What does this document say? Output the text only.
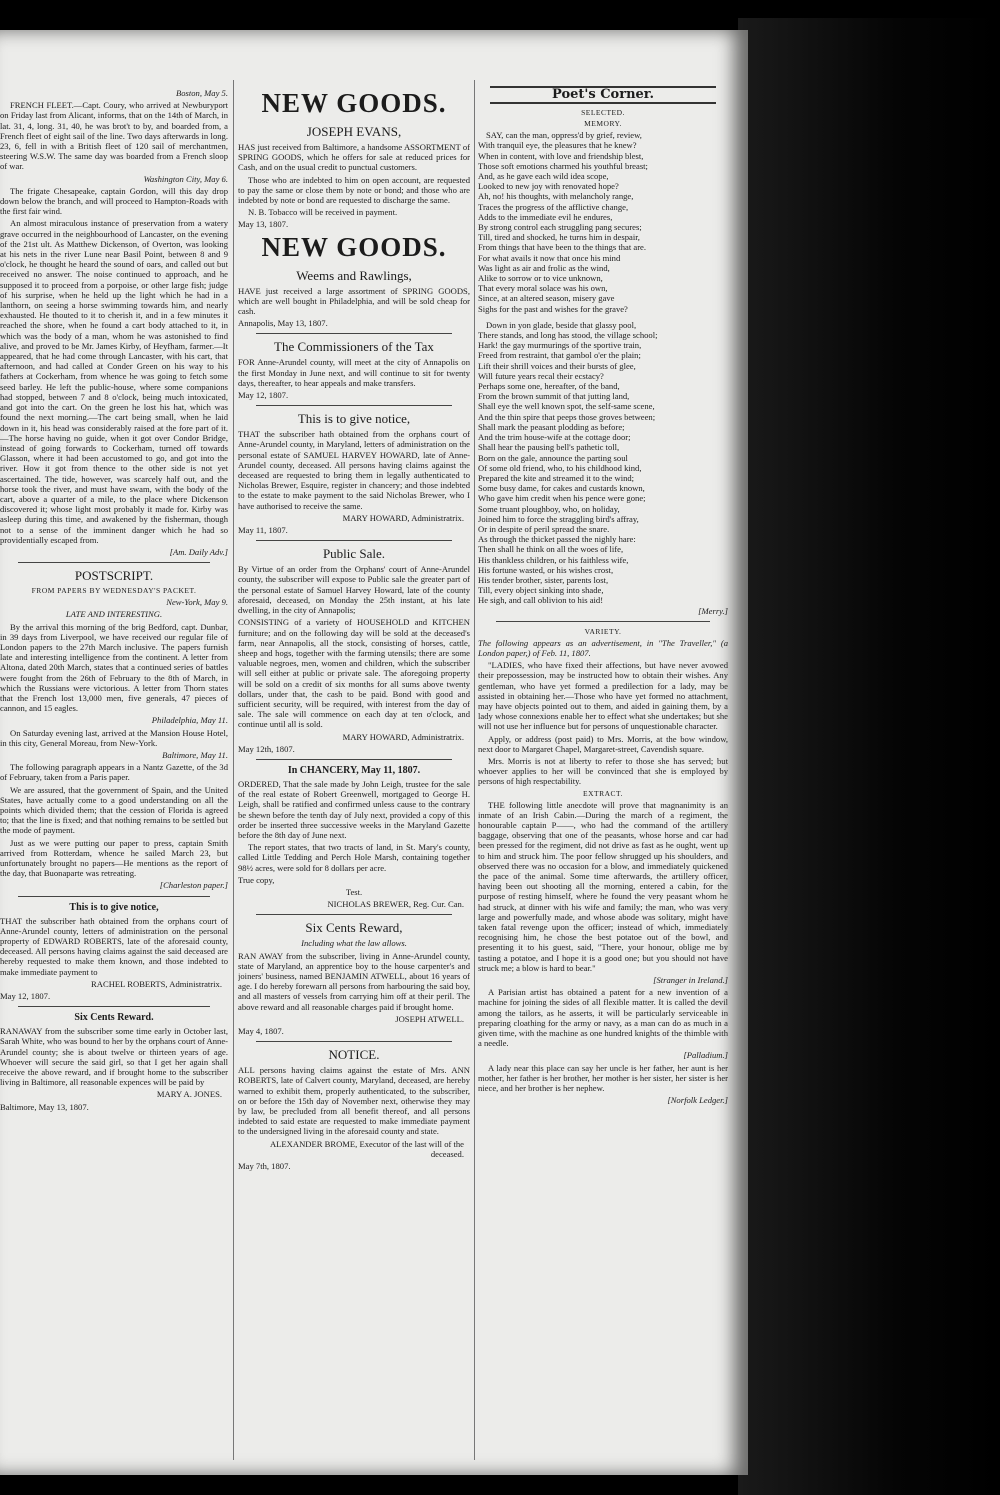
Boston, May 5.

FRENCH FLEET.—Capt. Coury, who arrived at Newburyport on Friday last from Alicant, informs, that on the 14th of March, in lat. 31, 4, long. 31, 40, he was brot't to by, and boarded from, a French fleet of eight sail of the line. Two days afterwards in long. 23, 6, fell in with a British fleet of 120 sail of merchantmen, steering W.S.W. The same day was boarded from a French sloop of war.

Washington City, May 6.

The frigate Chesapeake, captain Gordon, will this day drop down below the branch, and will proceed to Hampton-Roads with the first fair wind.

An almost miraculous instance of preservation from a watery grave occurred in the neighbourhood of Lancaster, on the evening of the 21st ult. As Matthew Dickenson, of Overton, was looking at his nets in the river Lune near Basil Point, between 8 and 9 o'clock, he thought he heard the sound of oars, and called out but received no answer. The noise continued to approach, and he supposed it to proceed from a porpoise, or other large fish; judge of his surprise, when he held up the light which he had in a lanthorn, on seeing a horse swimming towards him, and nearly exhausted. He thouted to it to cherish it, and in a few minutes it reached the shore, when he found a cart body attached to it, in which was the body of a man, whom he was astonished to find alive, and proved to be Mr. James Kirby, of Heyfham, farmer.—It appeared, that he had come through Lancaster, with his cart, that afternoon, and had called at Conder Green on his way to his fathers at Cockerham, from whence he was going to fetch some seed barley. He left the public-house, where some companions had stopped, between 7 and 8 o'clock, being much intoxicated, and got into the cart. On the green he lost his hat, which was found the next morning.—The cart being small, when he laid down in it, his head was considerably raised at the fore part of it.—The horse having no guide, when it got over Condor Bridge, instead of going forwards to Cockerham, turned off towards Glasson, where it had been accustomed to go, and got into the river. How it got from thence to the other side is not yet ascertained. The tide, however, was scarcely half out, and the horse took the river, and must have swam, with the body of the cart, above a quarter of a mile, to the place where Dickenson discovered it; whose light most probably it made for. Kirby was asleep during this time, and awakened by the fisherman, though not to a sense of the imminent danger which he had so providentially escaped from.

[Am. Daily Adv.]

POSTSCRIPT.
FROM PAPERS BY WEDNESDAY'S PACKET.

New-York, May 9.

LATE AND INTERESTING.

By the arrival this morning of the brig Bedford, capt. Dunbar, in 39 days from Liverpool, we have received our regular file of London papers to the 27th March inclusive. The papers furnish late and interesting intelligence from the continent. A letter from Altona, dated 20th March, states that a continued series of battles were fought from the 26th of February to the 8th of March, in which the Russians were victorious. A letter from Thorn states that the French lost 13,000 men, five generals, 47 pieces of cannon, and 15 eagles.

Philadelphia, May 11.

On Saturday evening last, arrived at the Mansion House Hotel, in this city, General Moreau, from New-York.

Baltimore, May 11.

The following paragraph appears in a Nantz Gazette, of the 3d of February, taken from a Paris paper.

We are assured, that the government of Spain, and the United States, have actually come to a good understanding on all the points which divided them; that the cession of Florida is agreed to; that the line is fixed; and that nothing remains to be settled but the mode of payment.

Just as we were putting our paper to press, captain Smith arrived from Rotterdam, whence he sailed March 23, but unfortunately brought no papers—He mentions as the report of the day, that Buonaparte was retreating.

[Charleston paper.]

This is to give notice,

THAT the subscriber hath obtained from the orphans court of Anne-Arundel county, letters of administration on the personal property of EDWARD ROBERTS, late of the aforesaid county, deceased. All persons having claims against the said deceased are hereby requested to make them known, and those indebted to make immediate payment to

RACHEL ROBERTS, Administratrix.

May 12, 1807.

Six Cents Reward.

RANAWAY from the subscriber some time early in October last, Sarah White, who was bound to her by the orphans court of Anne-Arundel county; she is about twelve or thirteen years of age. Whoever will secure the said girl, so that I get her again shall receive the above reward, and if brought home to the subscriber living in Baltimore, all reasonable expences will be paid by

MARY A. JONES.

Baltimore, May 13, 1807.

NEW GOODS.
JOSEPH EVANS,

HAS just received from Baltimore, a handsome ASSORTMENT of SPRING GOODS, which he offers for sale at reduced prices for Cash, and on the usual credit to punctual customers.

Those who are indebted to him on open account, are requested to pay the same or close them by note or bond; and those who are indebted by note or bond are requested to discharge the same.

N. B. Tobacco will be received in payment.

May 13, 1807.

NEW GOODS.
Weems and Rawlings,

HAVE just received a large assortment of SPRING GOODS, which are well bought in Philadelphia, and will be sold cheap for cash.

Annapolis, May 13, 1807.

The Commissioners of the Tax

FOR Anne-Arundel county, will meet at the city of Annapolis on the first Monday in June next, and will continue to sit for twenty days, thereafter, to hear appeals and make transfers.

May 12, 1807.

This is to give notice,

THAT the subscriber hath obtained from the orphans court of Anne-Arundel county, in Maryland, letters of administration on the personal estate of SAMUEL HARVEY HOWARD, late of Anne-Arundel county, deceased. All persons having claims against the deceased are requested to bring them in legally authenticated to Nicholas Brewer, Esquire, register in chancery; and those indebted to the estate to make payment to the said Nicholas Brewer, who I have authorised to receive the same.

MARY HOWARD, Administratrix.

May 11, 1807.

Public Sale.

By Virtue of an order from the Orphans' court of Anne-Arundel county, the subscriber will expose to Public sale the greater part of the personal estate of Samuel Harvey Howard, late of the county aforesaid, deceased, on Monday the 25th instant, at his late dwelling, in the city of Annapolis;

CONSISTING of a variety of HOUSEHOLD and KITCHEN furniture; and on the following day will be sold at the deceased's farm, near Annapolis, all the stock, consisting of horses, cattle, sheep and hogs, together with the farming utensils; there are some valuable negroes, men, women and children, which the subscriber will sell either at public or private sale. The aforegoing property will be sold on a credit of six months for all sums above twenty dollars, under that, the cash to be paid. Bond with good and sufficient security, will be required, with interest from the day of sale. The sale will commence on each day at ten o'clock, and continue until all is sold.

MARY HOWARD, Administratrix.

May 12th, 1807.

In CHANCERY, May 11, 1807.

ORDERED, That the sale made by John Leigh, trustee for the sale of the real estate of Robert Greenwell, mortgaged to George H. Leigh, shall be ratified and confirmed unless cause to the contrary be shewn before the tenth day of July next, provided a copy of this order be inserted three successive weeks in the Maryland Gazette before the 8th day of June next.

The report states, that two tracts of land, in St. Mary's county, called Little Tedding and Perch Hole Marsh, containing together 98½ acres, were sold for 8 dollars per acre.

True copy,

Test.

NICHOLAS BREWER, Reg. Cur. Can.

Six Cents Reward,

Including what the law allows.

RAN AWAY from the subscriber, living in Anne-Arundel county, state of Maryland, an apprentice boy to the house carpenter's and joiners' business, named BENJAMIN ATWELL, about 16 years of age. I do hereby forewarn all persons from harbouring the said boy, and all masters of vessels from carrying him off at their peril. The above reward and all reasonable charges paid if brought home.

JOSEPH ATWELL.

May 4, 1807.

NOTICE.

ALL persons having claims against the estate of Mrs. ANN ROBERTS, late of Calvert county, Maryland, deceased, are hereby warned to exhibit them, properly authenticated, to the subscriber, on or before the 15th day of November next, otherwise they may by law, be precluded from all benefit thereof, and all persons indebted to said estate are requested to make immediate payment to the undersigned living in the aforesaid county and state.

ALEXANDER BROME, Executor of the last will of the deceased.

May 7th, 1807.

Poet's Corner.
SELECTED.
MEMORY.

SAY, can the man, oppress'd by grief, review,

With tranquil eye, the pleasures that he knew?

When in content, with love and friendship blest,

Those soft emotions charmed his youthful breast;

And, as he gave each wild idea scope,

Looked to new joy with renovated hope?

Ah, no! his thoughts, with melancholy range,

Traces the progress of the afflictive change,

Adds to the immediate evil he endures,

By strong control each struggling pang secures;

Till, tired and shocked, he turns him in despair,

From things that have been to the things that are.

For what avails it now that once his mind

Was light as air and frolic as the wind,

Alike to sorrow or to vice unknown,

That every moral solace was his own,

Since, at an altered season, misery gave

Sighs for the past and wishes for the grave?

Down in yon glade, beside that glassy pool,

There stands, and long has stood, the village school;

Hark! the gay murmurings of the sportive train,

Freed from restraint, that gambol o'er the plain;

Lift their shrill voices and their bursts of glee,

Will future years recal their ecstacy?

Perhaps some one, hereafter, of the band,

From the brown summit of that jutting land,

Shall eye the well known spot, the self-same scene,

And the thin spire that peeps those groves between;

Shall mark the peasant plodding as before;

And the trim house-wife at the cottage door;

Shall hear the pausing bell's pathetic toll,

Born on the gale, announce the parting soul

Of some old friend, who, to his childhood kind,

Prepared the kite and streamed it to the wind;

Some busy dame, for cakes and custards known,

Who gave him credit when his pence were gone;

Some truant ploughboy, who, on holiday,

Joined him to force the straggling bird's affray,

Or in despite of peril spread the snare.

As through the thicket passed the nighly hare:

Then shall he think on all the woes of life,

His thankless children, or his faithless wife,

His fortune wasted, or his wishes crost,

His tender brother, sister, parents lost,

Till, every object sinking into shade,

He sigh, and call oblivion to his aid!

[Merry.]

VARIETY.

The following appears as an advertisement, in "The Traveller," (a London paper,) of Feb. 11, 1807.

"LADIES, who have fixed their affections, but have never avowed their prepossession, may be instructed how to obtain their wishes. Any gentleman, who have yet formed a predilection for a lady, may be assisted in obtaining her.—Those who have yet formed no attachment, may have objects pointed out to them, and aided in gaining them, by a lady whose connexions enable her to effect what she undertakes; but she will not use her influence but for persons of unquestionable character.

Apply, or address (post paid) to Mrs. Morris, at the bow window, next door to Margaret Chapel, Margaret-street, Cavendish square.

Mrs. Morris is not at liberty to refer to those she has served; but whoever applies to her will be convinced that she is employed by persons of high respectability.

EXTRACT.

THE following little anecdote will prove that magnanimity is an inmate of an Irish Cabin.—During the march of a regiment, the honourable captain P——, who had the command of the artillery baggage, observing that one of the peasants, whose horse and car had been pressed for the regiment, did not drive as fast as he ought, went up to him and struck him. The poor fellow shrugged up his shoulders, and observed there was no occasion for a blow, and immediately quickened the pace of the animal. Some time afterwards, the artillery officer, having been out shooting all the morning, entered a cabin, for the purpose of resting himself, where he found the very peasant whom he had struck, at dinner with his wife and family; the man, who was very large and powerfully made, and whose abode was solitary, might have taken fatal revenge upon the officer; instead of which, immediately recognising him, he chose the best potatoe out of the bowl, and presenting it to his guest, said, "There, your honour, oblige me by tasting a potatoe, and I hope it is a good one; but you should not have struck me; a blow is hard to bear."

[Stranger in Ireland.]

A Parisian artist has obtained a patent for a new invention of a machine for joining the sides of all flexible matter. It is called the devil among the tailors, as he asserts, it will be particularly serviceable in preparing cloathing for the army or navy, as a man can do as much in a given time, with the machine as one hundred knights of the thimble with a needle.

[Palladium.]

A lady near this place can say her uncle is her father, her aunt is her mother, her father is her brother, her mother is her sister, her sister is her niece, and her brother is her nephew.

[Norfolk Ledger.]
